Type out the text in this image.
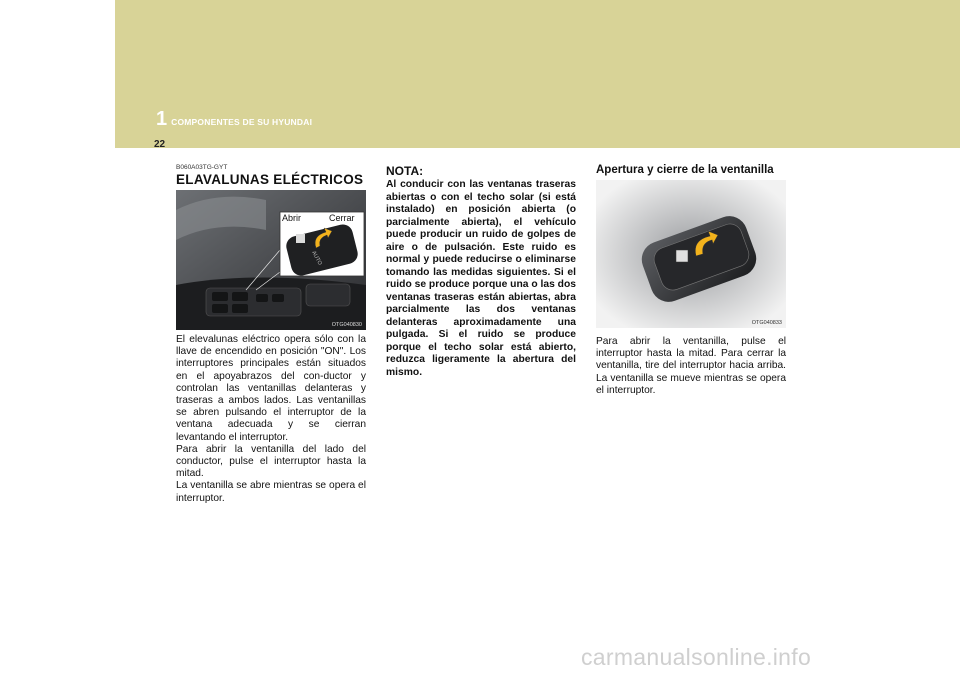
1 COMPONENTES DE SU HYUNDAI
22
B060A03TG-GYT
ELAVALUNAS ELÉCTRICOS
AUTO
Abrir	Cerrar
OTG040830

El elevalunas eléctrico opera sólo con la llave de encendido en posición "ON". Los interruptores principales están situados en el apoyabrazos del con-ductor y controlan las ventanillas delanteras y traseras a ambos lados. Las ventanillas se abren pulsando el interruptor de la ventana adecuada y se cierran levantando el interruptor.

Para abrir la ventanilla del lado del conductor, pulse el interruptor hasta la mitad.

La ventanilla se abre mientras se opera el interruptor.

NOTA:
Al conducir con las ventanas traseras abiertas o con el techo solar (si está instalado) en posición abierta (o parcialmente abierta), el vehículo puede producir un ruido de golpes de aire o de pulsación. Este ruido es normal y puede reducirse o eliminarse tomando las medidas siguientes. Si el ruido se produce porque una o las dos ventanas traseras están abiertas, abra parcialmente las dos ventanas delanteras aproximadamente una pulgada. Si el ruido se produce porque el techo solar está abierto, reduzca ligeramente la abertura del mismo.
Apertura y cierre de la ventanilla
OTG040833
Para abrir la ventanilla, pulse el interruptor hasta la mitad. Para cerrar la ventanilla, tire del interruptor hacia arriba. La ventanilla se mueve mientras se opera el interruptor.
carmanualsonline.info
